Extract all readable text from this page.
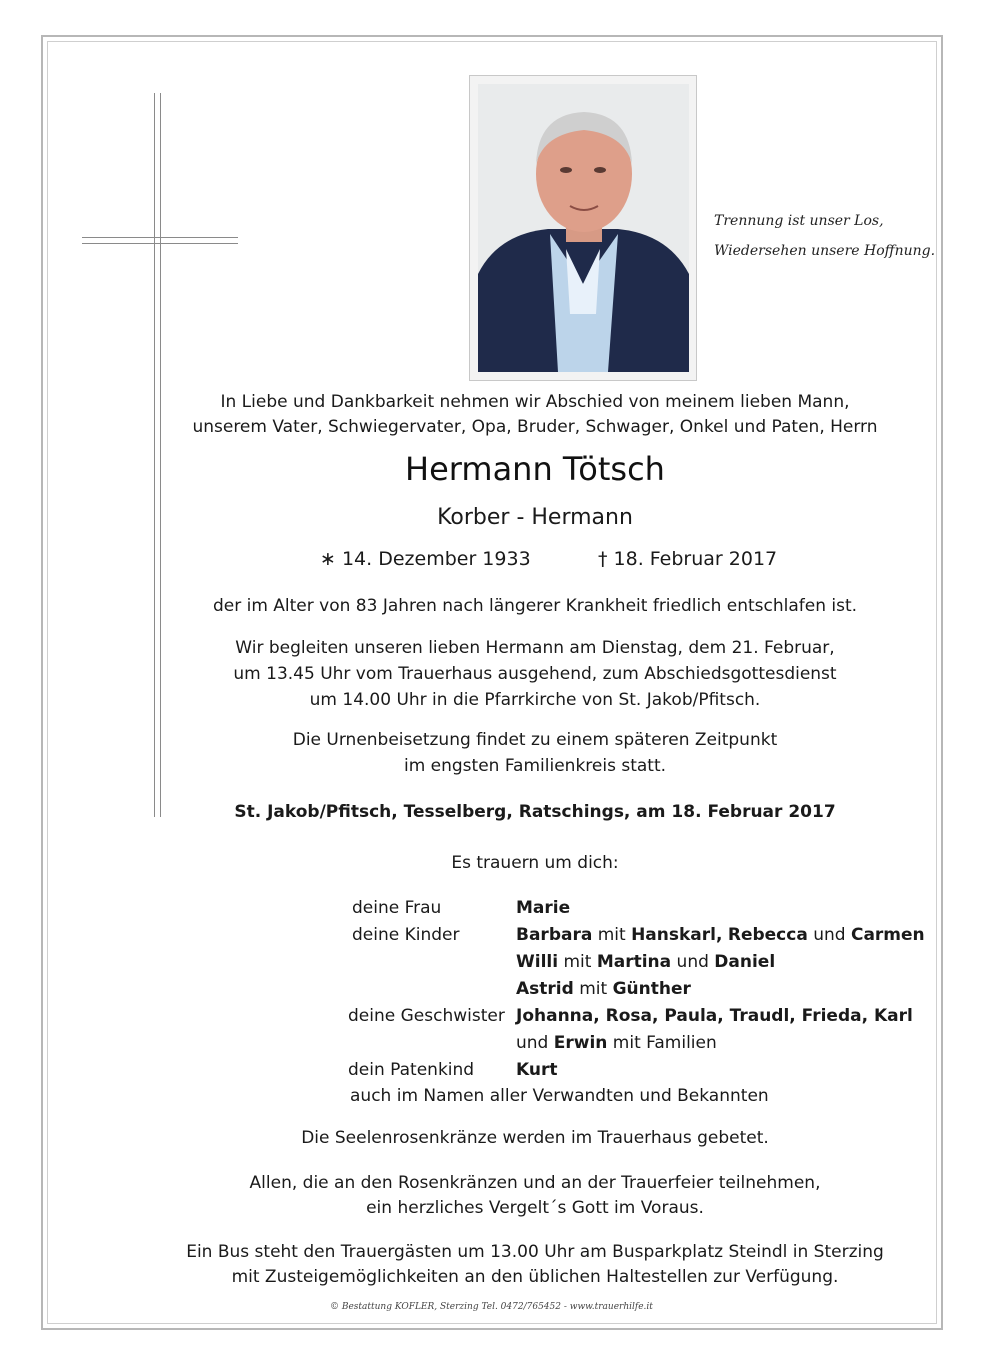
Trennung ist unser Los,
Wiedersehen unsere Hoffnung.
In Liebe und Dankbarkeit nehmen wir Abschied von meinem lieben Mann,
unserem Vater, Schwiegervater, Opa, Bruder, Schwager, Onkel und Paten, Herrn
Hermann Tötsch
Korber - Hermann
∗ 14. Dezember 1933	† 18. Februar 2017
der im Alter von 83 Jahren nach längerer Krankheit friedlich entschlafen ist.
Wir begleiten unseren lieben Hermann am Dienstag, dem 21. Februar,
um 13.45 Uhr vom Trauerhaus ausgehend, zum Abschiedsgottesdienst
um 14.00 Uhr in die Pfarrkirche von St. Jakob/Pfitsch.
Die Urnenbeisetzung findet zu einem späteren Zeitpunkt
im engsten Familienkreis statt.
St. Jakob/Pfitsch, Tesselberg, Ratschings, am 18. Februar 2017
Es trauern um dich:
deine Frau	Marie
deine Kinder	Barbara mit Hanskarl, Rebecca und Carmen
Willi mit Martina und Daniel
Astrid mit Günther
deine Geschwister Johanna, Rosa, Paula, Traudl, Frieda, Karl
und Erwin mit Familien
dein Patenkind Kurt
auch im Namen aller Verwandten und Bekannten
Die Seelenrosenkränze werden im Trauerhaus gebetet.
Allen, die an den Rosenkränzen und an der Trauerfeier teilnehmen,
ein herzliches Vergelt´s Gott im Voraus.
Ein Bus steht den Trauergästen um 13.00 Uhr am Busparkplatz Steindl in Sterzing
mit Zusteigemöglichkeiten an den üblichen Haltestellen zur Verfügung.
© Bestattung KOFLER, Sterzing Tel. 0472/765452 - www.trauerhilfe.it
